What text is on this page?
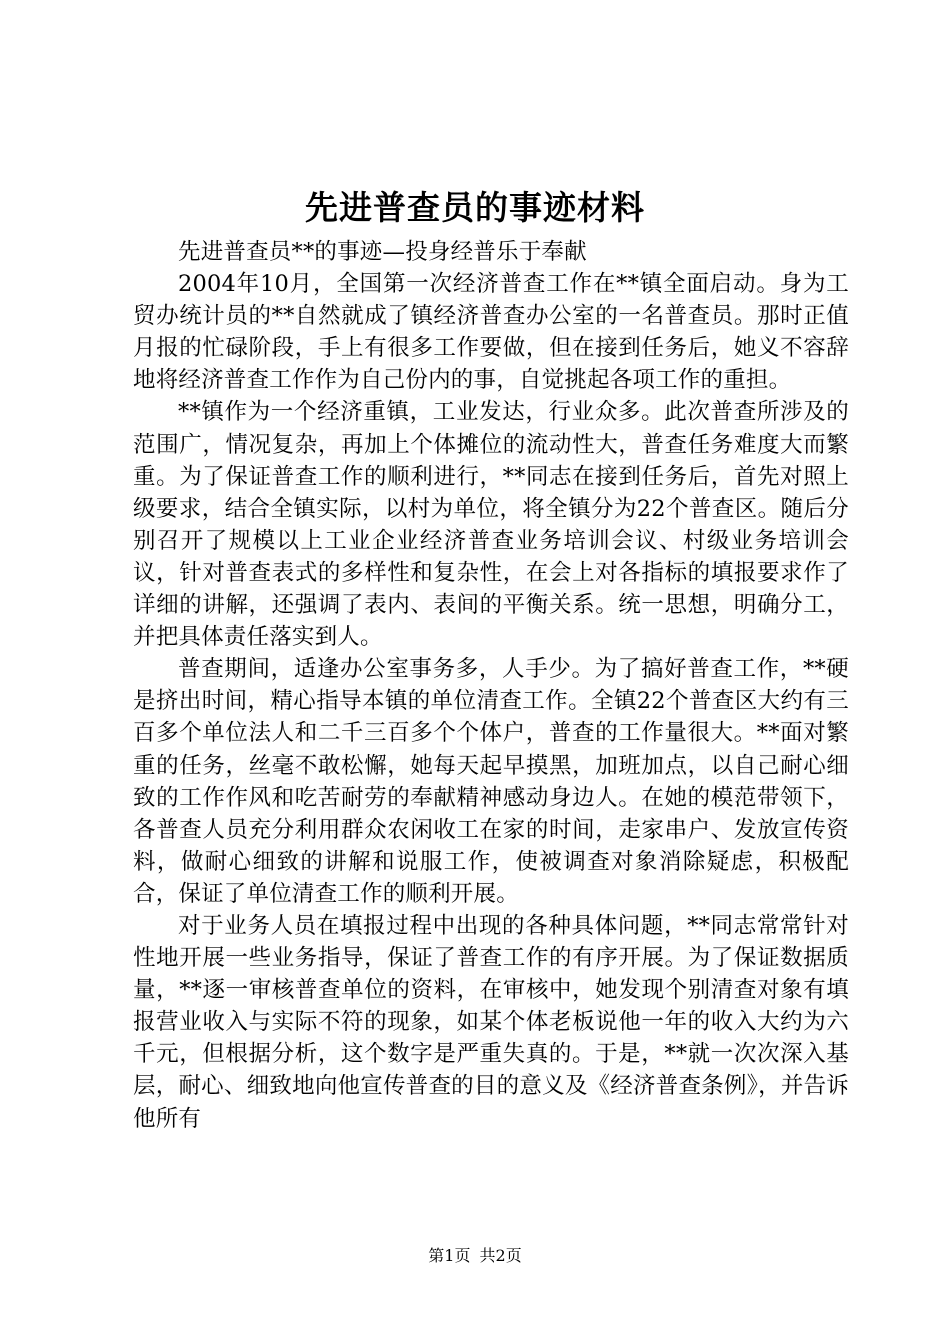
先进普查员的事迹材料

先进普查员**的事迹—投身经普乐于奉献

2004年10月，全国第一次经济普查工作在**镇全面启动。身为工贸办统计员的**自然就成了镇经济普查办公室的一名普查员。那时正值月报的忙碌阶段，手上有很多工作要做，但在接到任务后，她义不容辞地将经济普查工作作为自己份内的事，自觉挑起各项工作的重担。

**镇作为一个经济重镇，工业发达，行业众多。此次普查所涉及的范围广，情况复杂，再加上个体摊位的流动性大，普查任务难度大而繁重。为了保证普查工作的顺利进行，**同志在接到任务后，首先对照上级要求，结合全镇实际，以村为单位，将全镇分为22个普查区。随后分别召开了规模以上工业企业经济普查业务培训会议、村级业务培训会议，针对普查表式的多样性和复杂性，在会上对各指标的填报要求作了详细的讲解，还强调了表内、表间的平衡关系。统一思想，明确分工，并把具体责任落实到人。

普查期间，适逢办公室事务多，人手少。为了搞好普查工作，**硬是挤出时间，精心指导本镇的单位清查工作。全镇22个普查区大约有三百多个单位法人和二千三百多个个体户，普查的工作量很大。**面对繁重的任务，丝毫不敢松懈，她每天起早摸黑，加班加点，以自己耐心细致的工作作风和吃苦耐劳的奉献精神感动身边人。在她的模范带领下，各普查人员充分利用群众农闲收工在家的时间，走家串户、发放宣传资料，做耐心细致的讲解和说服工作，使被调查对象消除疑虑，积极配合，保证了单位清查工作的顺利开展。

对于业务人员在填报过程中出现的各种具体问题，**同志常常针对性地开展一些业务指导，保证了普查工作的有序开展。为了保证数据质量，**逐一审核普查单位的资料，在审核中，她发现个别清查对象有填报营业收入与实际不符的现象，如某个体老板说他一年的收入大约为六千元，但根据分析，这个数字是严重失真的。于是，**就一次次深入基层，耐心、细致地向他宣传普查的目的意义及《经济普查条例》，并告诉他所有

第1页 共2页
